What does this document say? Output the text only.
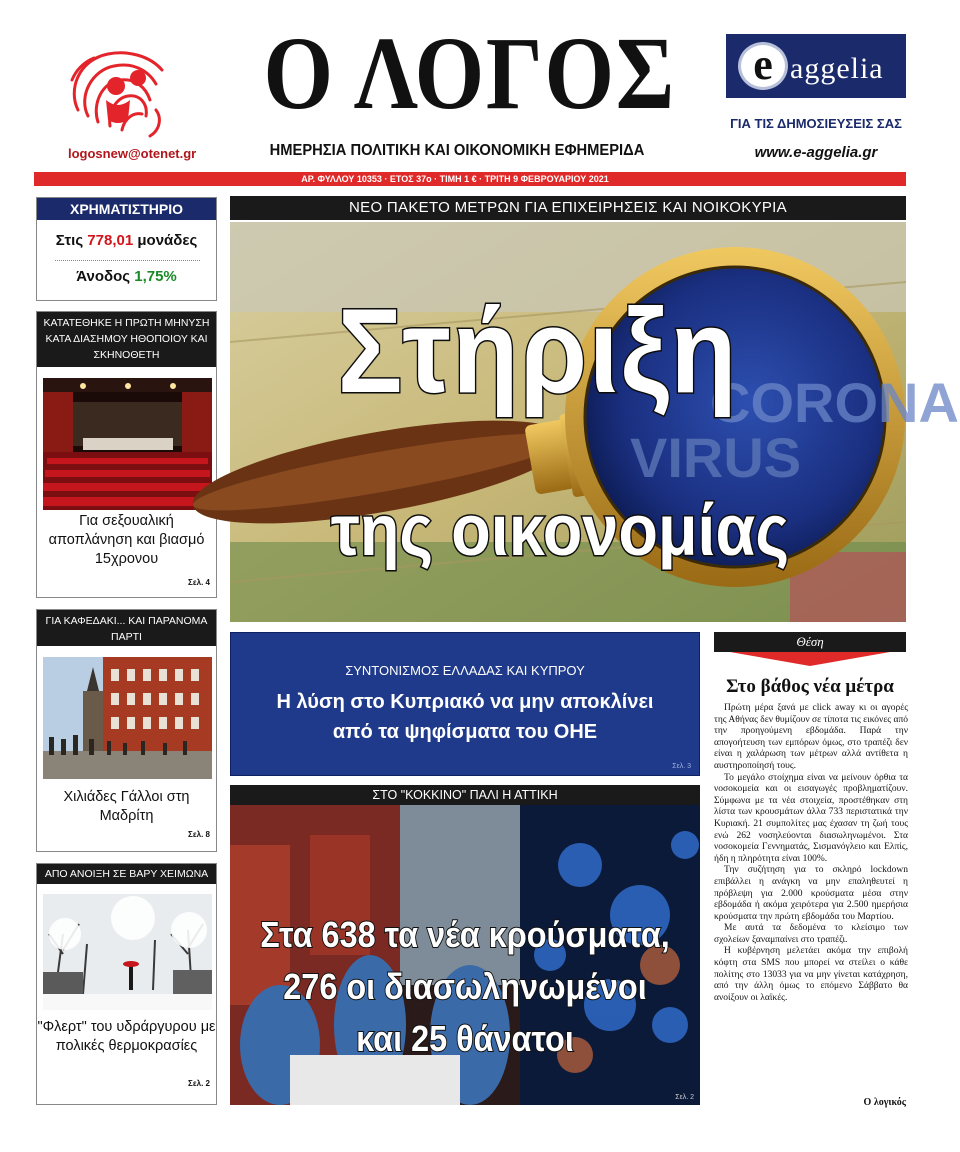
logosnew@otenet.gr
Ο ΛΟΓΟΣ
ΗΜΕΡΗΣΙΑ ΠΟΛΙΤΙΚΗ ΚΑΙ ΟΙΚΟΝΟΜΙΚΗ ΕΦΗΜΕΡΙΔΑ
e aggelia
ΓΙΑ ΤΙΣ ΔΗΜΟΣΙΕΥΣΕΙΣ ΣΑΣ
www.e-aggelia.gr
ΑΡ. ΦΥΛΛΟΥ 10353 · ΕΤΟΣ 37ο · ΤΙΜΗ 1 € · ΤΡΙΤΗ 9 ΦΕΒΡΟΥΑΡΙΟΥ 2021
ΧΡΗΜΑΤΙΣΤΗΡΙΟ
Στις 778,01 μονάδες
Άνοδος 1,75%
ΚΑΤΑΤΕΘΗΚΕ Η ΠΡΩΤΗ ΜΗΝΥΣΗ ΚΑΤΑ ΔΙΑΣΗΜΟΥ ΗΘΟΠΟΙΟΥ ΚΑΙ ΣΚΗΝΟΘΕΤΗ
Για σεξουαλική αποπλάνηση και βιασμό 15χρονου
Σελ. 4
ΓΙΑ ΚΑΦΕΔΑΚΙ... ΚΑΙ ΠΑΡΑΝΟΜΑ ΠΑΡΤΙ
Χιλιάδες Γάλλοι στη Μαδρίτη
Σελ. 8
ΑΠΟ ΑΝΟΙΞΗ ΣΕ ΒΑΡΥ ΧΕΙΜΩΝΑ
"Φλερτ" του υδράργυρου με πολικές θερμοκρασίες
Σελ. 2
ΝΕΟ ΠΑΚΕΤΟ ΜΕΤΡΩΝ ΓΙΑ ΕΠΙΧΕΙΡΗΣΕΙΣ ΚΑΙ ΝΟΙΚΟΚΥΡΙΑ
CORONA
VIRUS
Στήριξη
της οικονομίας
ΣΥΝΤΟΝΙΣΜΟΣ ΕΛΛΑΔΑΣ ΚΑΙ ΚΥΠΡΟΥ
Η λύση στο Κυπριακό να μην αποκλίνει
από τα ψηφίσματα του ΟΗΕ
Σελ. 3
ΣΤΟ "ΚΟΚΚΙΝΟ" ΠΑΛΙ Η ΑΤΤΙΚΗ
Στα 638 τα νέα κρούσματα,
276 οι διασωληνωμένοι
και 25 θάνατοι
Σελ. 2
Θέση
Στο βάθος νέα μέτρα

Πρώτη μέρα ξανά με click away κι οι αγορές της Αθήνας δεν θυμίζουν σε τίποτα τις εικόνες από την προηγούμενη εβδομάδα. Παρά την απογοήτευση των εμπόρων όμως, στο τραπέζι δεν είναι η χαλάρωση των μέτρων αλλά αντίθετα η αυστηροποίησή τους.

Το μεγάλο στοίχημα είναι να μείνουν όρθια τα νοσοκομεία και οι εισαγωγές προβληματίζουν. Σύμφωνα με τα νέα στοιχεία, προστέθηκαν στη λίστα των κρουσμάτων άλλα 733 περιστατικά την Κυριακή. 21 συμπολίτες μας έχασαν τη ζωή τους ενώ 262 νοσηλεύονται διασωληνωμένοι. Στα νοσοκομεία Γεννηματάς, Σισμανόγλειο και Ελπίς, ήδη η πληρότητα είναι 100%.

Την συζήτηση για το σκληρό lockdown επιβάλλει η ανάγκη να μην επαληθευτεί η πρόβλεψη για 2.000 κρούσματα μέσα στην εβδομάδα ή ακόμα χειρότερα για 2.500 ημερήσια κρούσματα την πρώτη εβδομάδα του Μαρτίου.

Με αυτά τα δεδομένα το κλείσιμο των σχολείων ξαναμπαίνει στο τραπέζι.

Η κυβέρνηση μελετάει ακόμα την επιβολή κόφτη στα SMS που μπορεί να στείλει ο κάθε πολίτης στο 13033 για να μην γίνεται κατάχρηση, από την άλλη όμως το επόμενο Σάββατο θα ανοίξουν οι λαϊκές.

Ο λογικός
